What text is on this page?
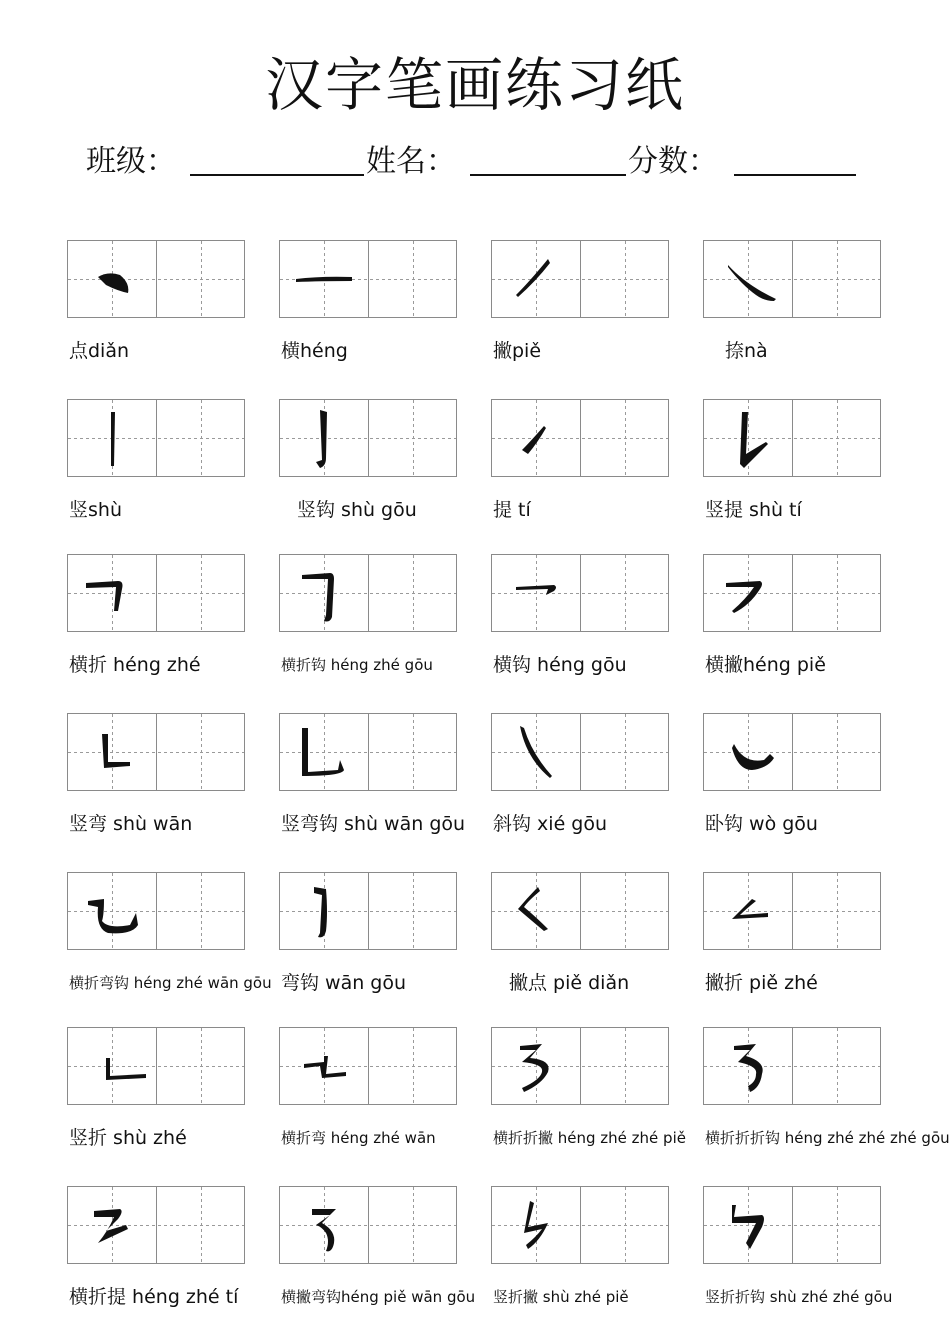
汉字笔画练习纸
班级：	姓名：	分数：
点diǎn	横héng	撇piě	捺nà
竖shù	竖钩 shù gōu	提 tí	竖提 shù tí
横折 héng zhé	横折钩 héng zhé gōu	横钩 héng gōu	横撇héng piě
竖弯 shù wān	竖弯钩 shù wān gōu 斜钩 xié gōu	卧钩 wò gōu
横折弯钩 héng zhé wān gōu 弯钩 wān gōu	撇点 piě diǎn	撇折 piě zhé
竖折 shù zhé	横折弯 héng zhé wān	横折折撇 héng zhé zhé piě 横折折折钩 héng zhé zhé zhé gōu
横折提 héng zhé tí	横撇弯钩héng piě wān gōu 竖折撇 shù zhé piě	竖折折钩 shù zhé zhé gōu
